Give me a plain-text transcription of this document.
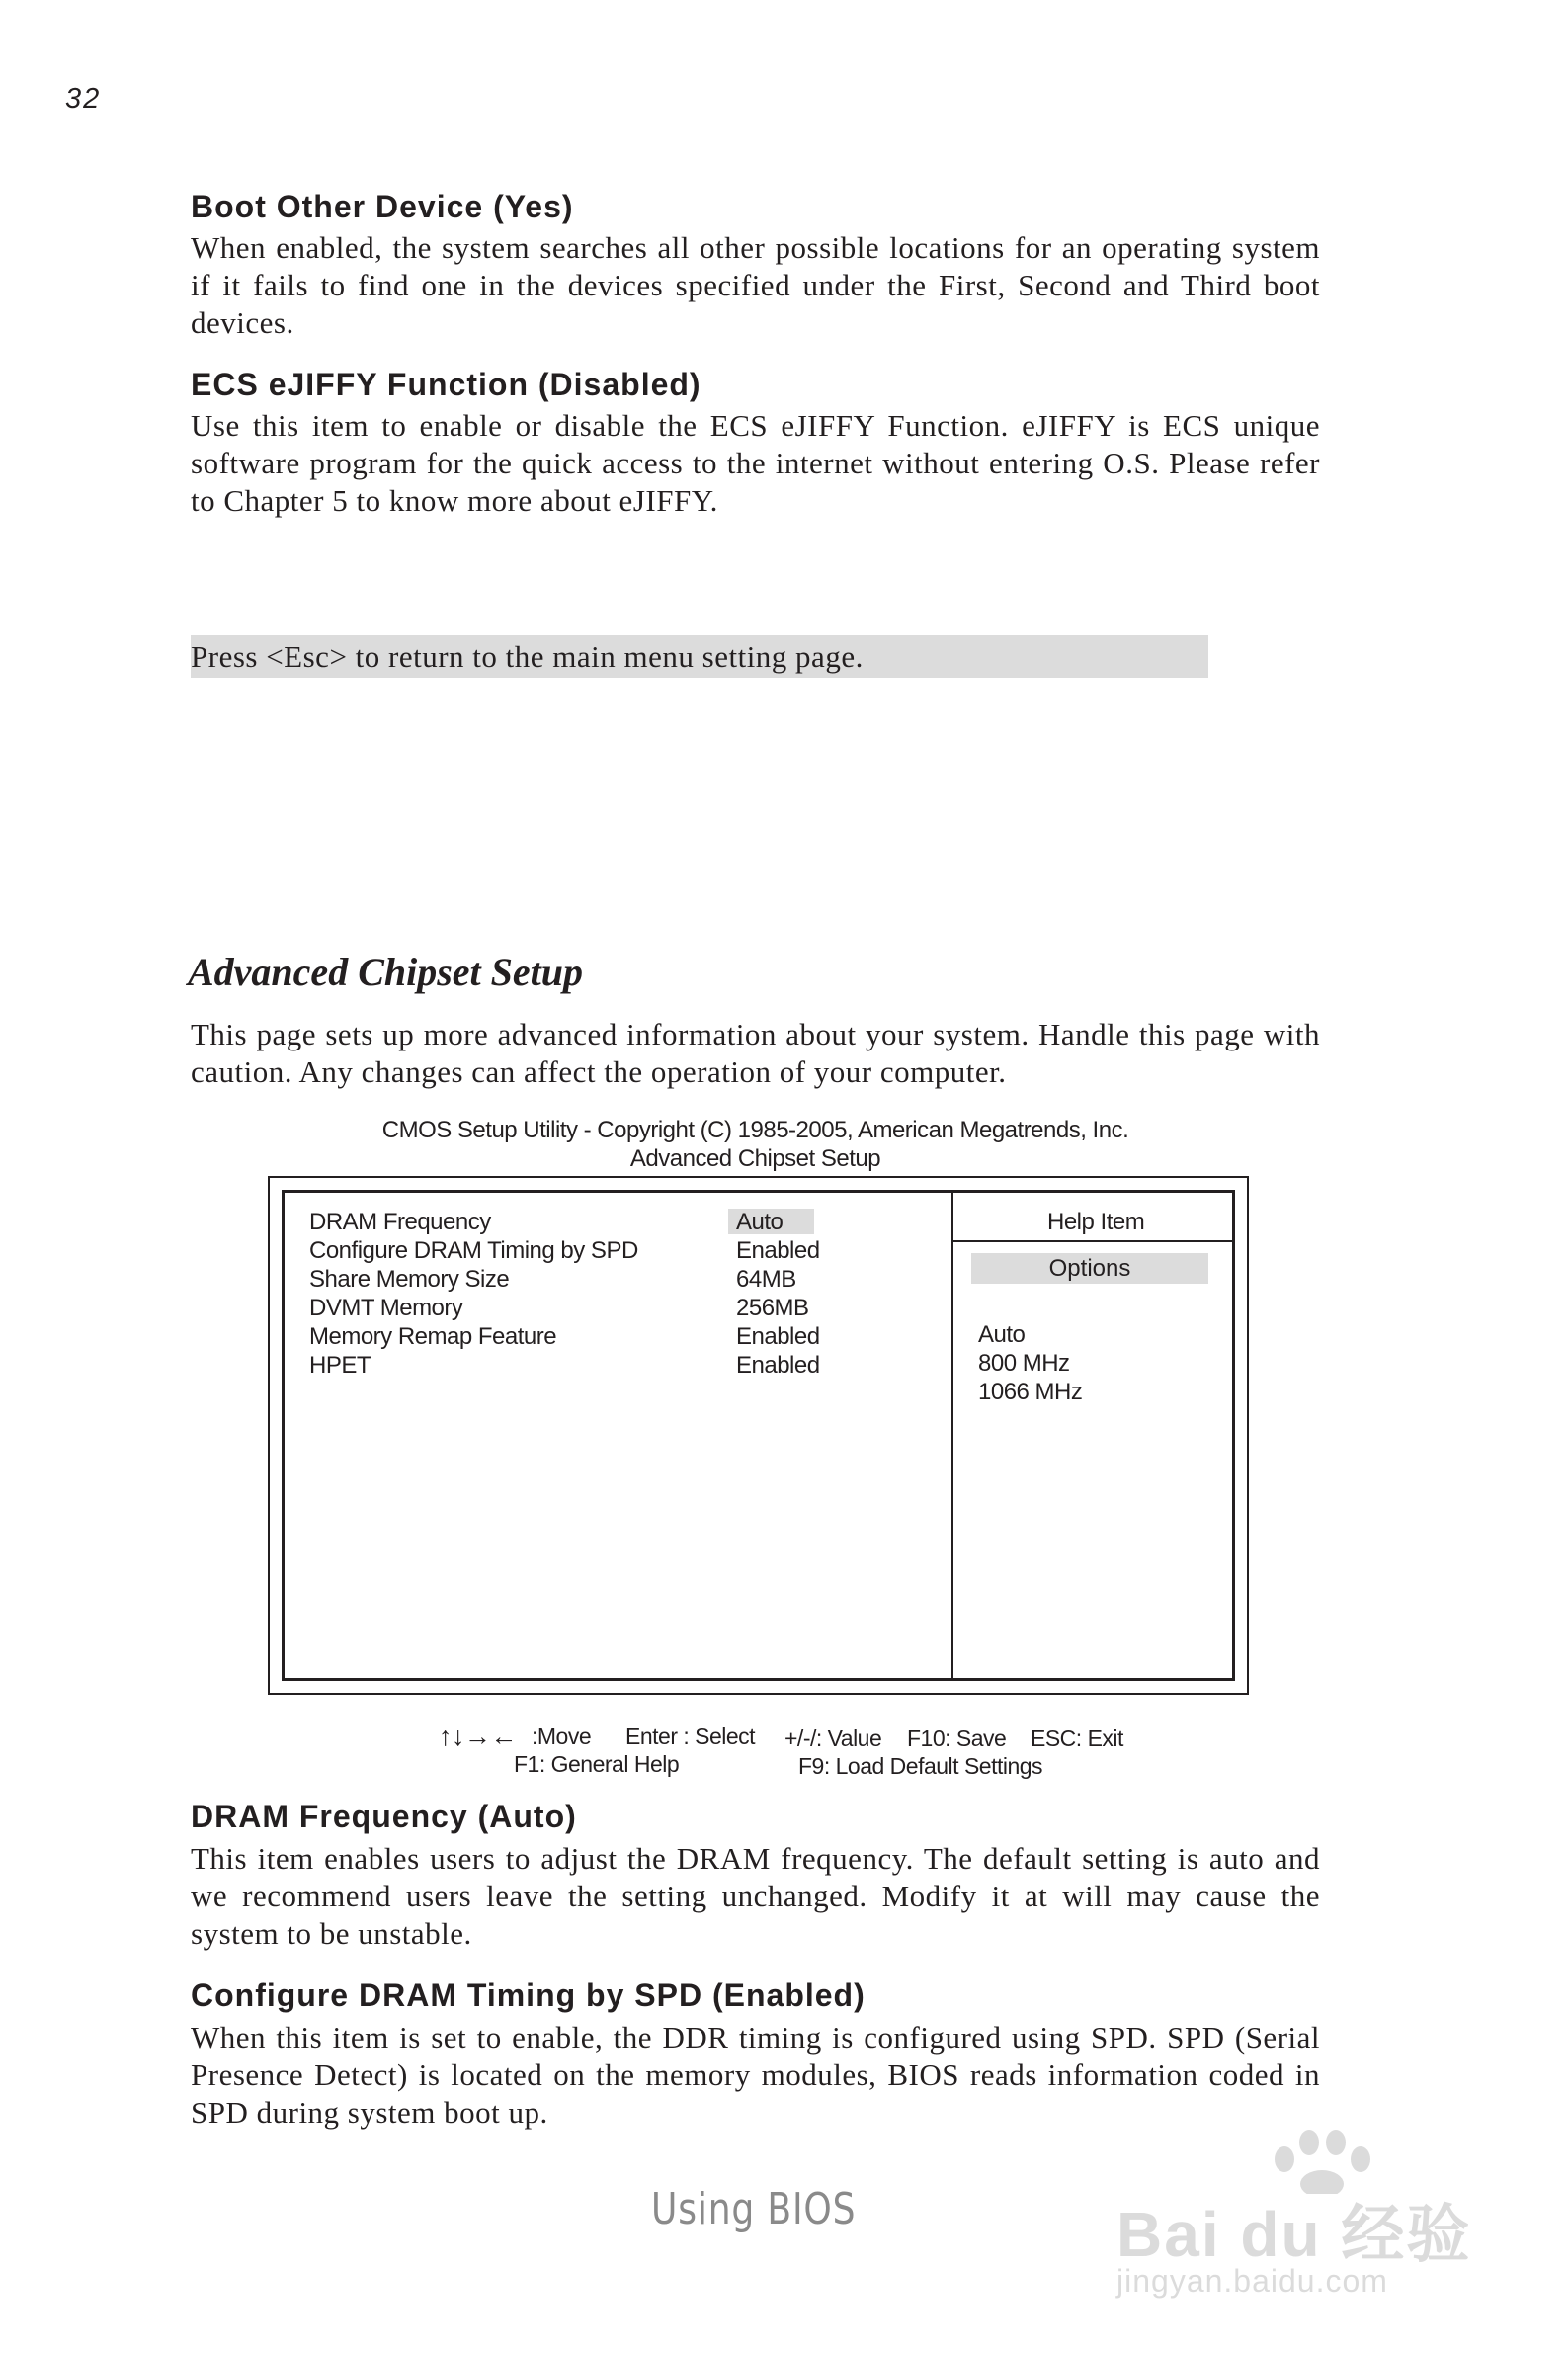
32
Boot Other Device (Yes)

When enabled, the system searches all other possible locations for an operating system if it fails to find one in the devices specified under the First, Second and Third boot devices.

ECS eJIFFY Function (Disabled)

Use this item to enable or disable the ECS eJIFFY Function. eJIFFY is ECS unique software program for the quick access to the internet without entering O.S. Please refer to Chapter 5 to know more about eJIFFY.

Press <Esc> to return to the main menu setting page.
Advanced Chipset Setup

This page sets up more advanced information about your system. Handle this page with caution. Any changes can affect the operation of your computer.

CMOS Setup Utility - Copyright (C) 1985-2005, American Megatrends, Inc.
Advanced Chipset Setup
DRAM Frequency	Auto
Configure DRAM Timing by SPD	Enabled
Share Memory Size	64MB
DVMT Memory	256MB
Memory Remap Feature	Enabled
HPET	Enabled
Help Item
Options
Auto
800 MHz
1066 MHz
↑↓→← :Move Enter : Select +/-/: Value F10: Save ESC: Exit
F1: General Help	F9: Load Default Settings
DRAM Frequency (Auto)

This item enables users to adjust the DRAM frequency. The default setting is auto and we recommend users leave the setting unchanged. Modify it at will may cause the system to be unstable.

Configure DRAM Timing by SPD (Enabled)

When this item is set to enable, the DDR timing is configured using SPD. SPD (Serial Presence Detect) is located on the memory modules, BIOS reads information coded in SPD during system boot up.

Using BIOS	Bai du 经验
jingyan.baidu.com
